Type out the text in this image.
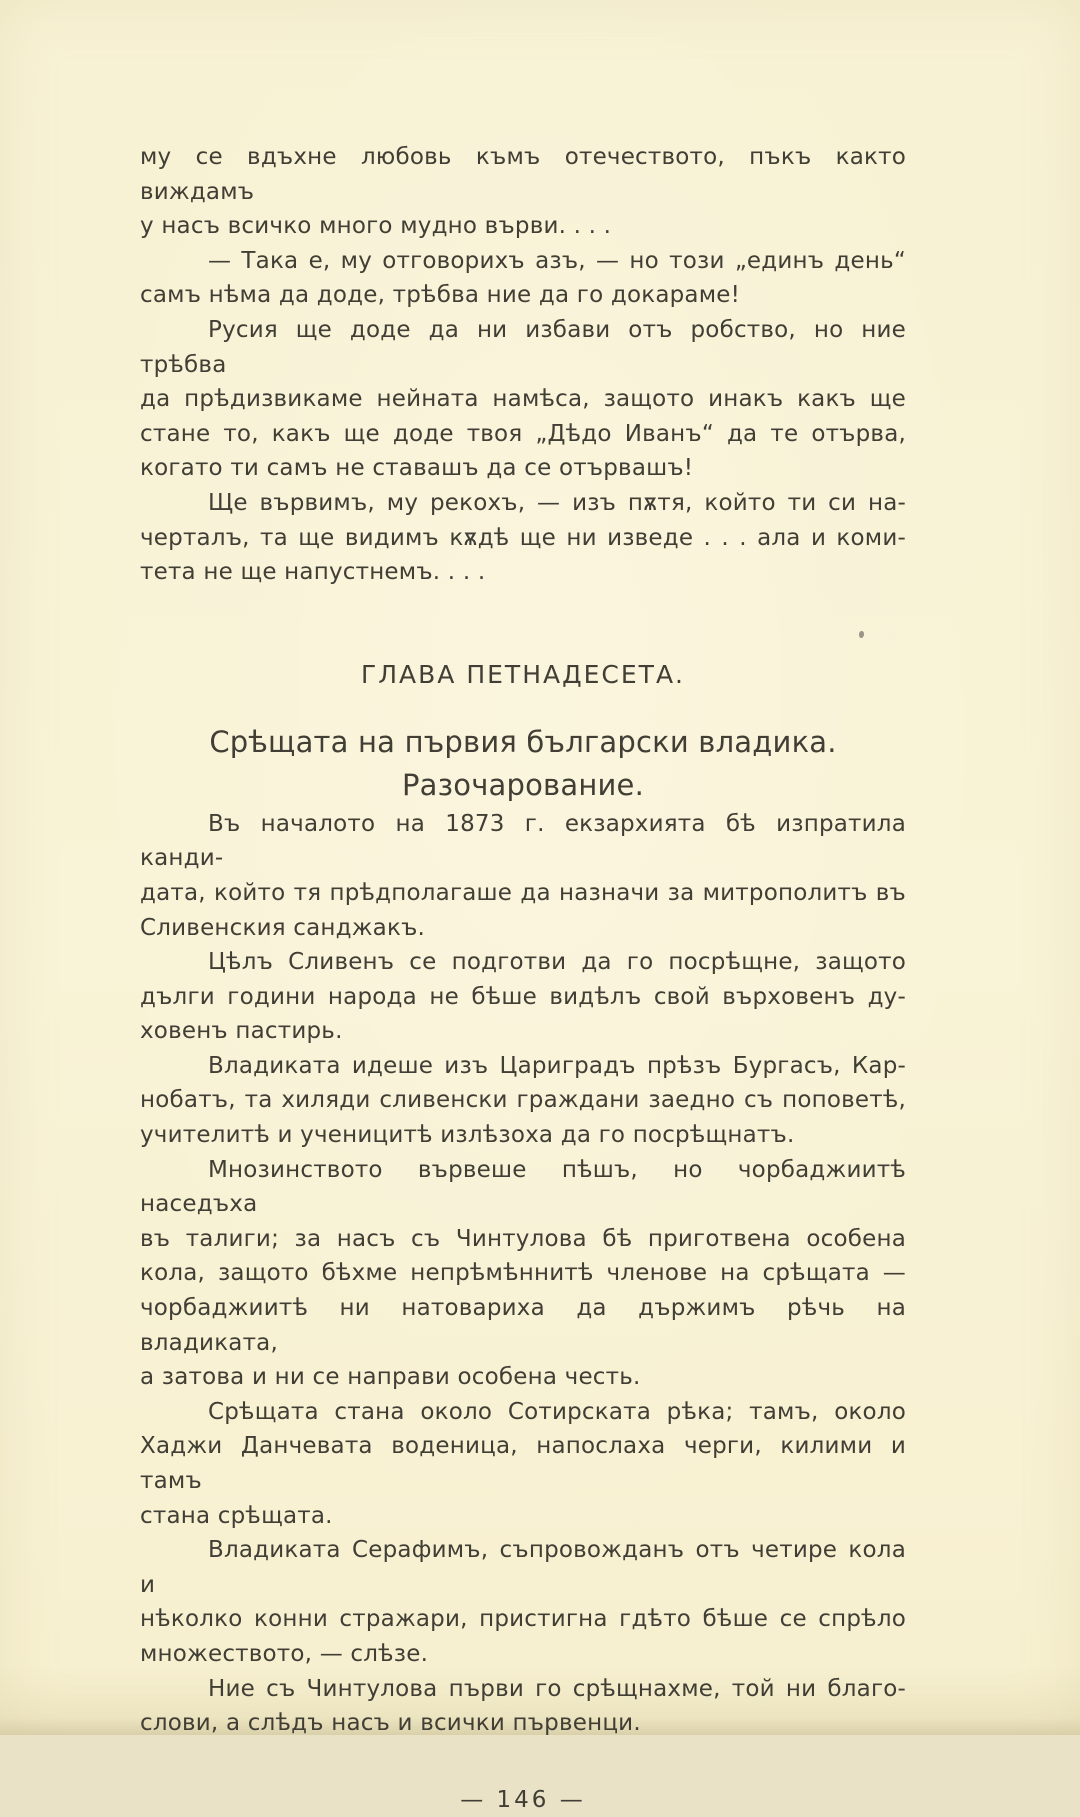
му се вдъхне любовь къмъ отечеството, пъкъ както виждамъ
у насъ всичко много мудно върви. . . .

— Така е, му отговорихъ азъ, — но този „единъ день“
самъ нѣма да доде, трѣбва ние да го докараме!

Русия ще доде да ни избави отъ робство, но ние трѣбва
да прѣдизвикаме нейната намѣса, защото инакъ какъ ще
стане то, какъ ще доде твоя „Дѣдо Иванъ“ да те отърва,
когато ти самъ не ставашъ да се отървашъ!

Ще вървимъ, му рекохъ, — изъ пѫтя, който ти си на-
черталъ, та ще видимъ кѫдѣ ще ни изведе . . . ала и коми-
тета не ще напустнемъ. . . .

ГЛАВА ПЕТНАДЕСЕТА.
Срѣщата на първия български владика.
Разочарование.

Въ началото на 1873 г. екзархията бѣ изпратила канди-
дата, който тя прѣдполагаше да назначи за митрополитъ въ
Сливенския санджакъ.

Цѣлъ Сливенъ се подготви да го посрѣщне, защото
дълги години народа не бѣше видѣлъ свой върховенъ ду-
ховенъ пастирь.

Владиката идеше изъ Цариградъ прѣзъ Бургасъ, Кар-
нобатъ, та хиляди сливенски граждани заедно съ поповетѣ,
учителитѣ и ученицитѣ излѣзоха да го посрѣщнатъ.

Мнозинството вървеше пѣшъ, но чорбаджиитѣ наседъха
въ талиги; за насъ съ Чинтулова бѣ приготвена особена
кола, защото бѣхме непрѣмѣннитѣ членове на срѣщата —
чорбаджиитѣ ни натовариха да държимъ рѣчь на владиката,
а затова и ни се направи особена честь.

Срѣщата стана около Сотирската рѣка; тамъ, около
Хаджи Данчевата воденица, напослаха черги, килими и тамъ
стана срѣщата.

Владиката Серафимъ, съпровожданъ отъ четире кола и
нѣколко конни стражари, пристигна гдѣто бѣше се спрѣло
множеството, — слѣзе.

Ние съ Чинтулова първи го срѣщнахме, той ни благо-
слови, а слѣдъ насъ и всички първенци.

— 146 —
